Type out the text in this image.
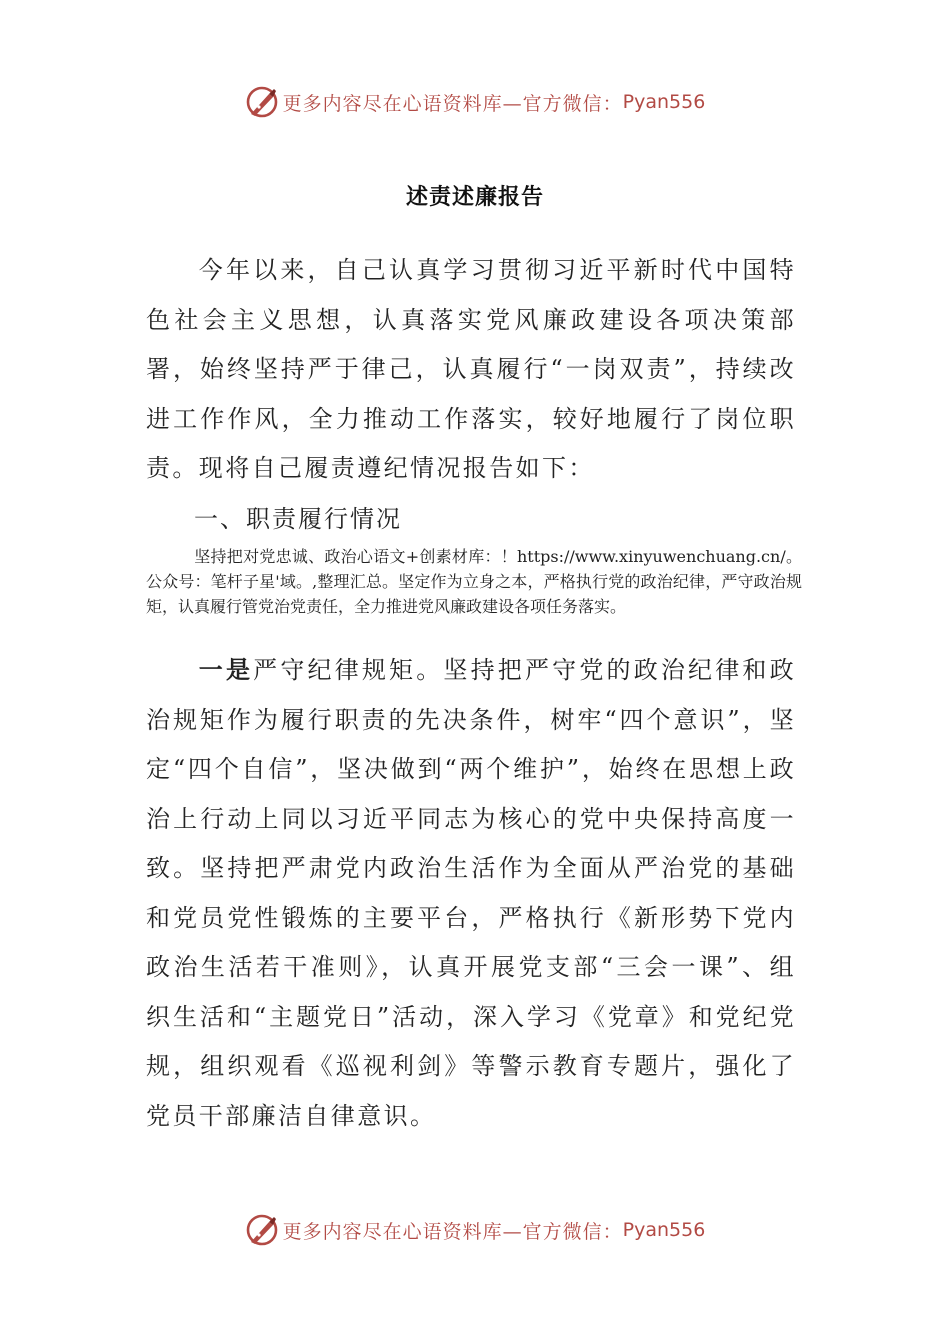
更多内容尽在心语资料库—官方微信： Pyan556
述责述廉报告
今年以来，自己认真学习贯彻习近平新时代中国特色社会主义思想，认真落实党风廉政建设各项决策部署，始终坚持严于律己，认真履行“一岗双责”，持续改进工作作风，全力推动工作落实，较好地履行了岗位职责。现将自己履责遵纪情况报告如下：
一、职责履行情况
坚持把对党忠诚、政治心语文+创素材库：！https://www.xinyuwenchuang.cn/。公众号：笔杆子星'域。,整理汇总。坚定作为立身之本，严格执行党的政治纪律，严守政治规矩，认真履行管党治党责任，全力推进党风廉政建设各项任务落实。
一是严守纪律规矩。坚持把严守党的政治纪律和政治规矩作为履行职责的先决条件，树牢“四个意识”，坚定“四个自信”，坚决做到“两个维护”，始终在思想上政治上行动上同以习近平同志为核心的党中央保持高度一致。坚持把严肃党内政治生活作为全面从严治党的基础和党员党性锻炼的主要平台，严格执行《新形势下党内政治生活若干准则》，认真开展党支部“三会一课”、组织生活和“主题党日”活动，深入学习《党章》和党纪党规，组织观看《巡视利剑》等警示教育专题片，强化了党员干部廉洁自律意识。
更多内容尽在心语资料库—官方微信： Pyan556
